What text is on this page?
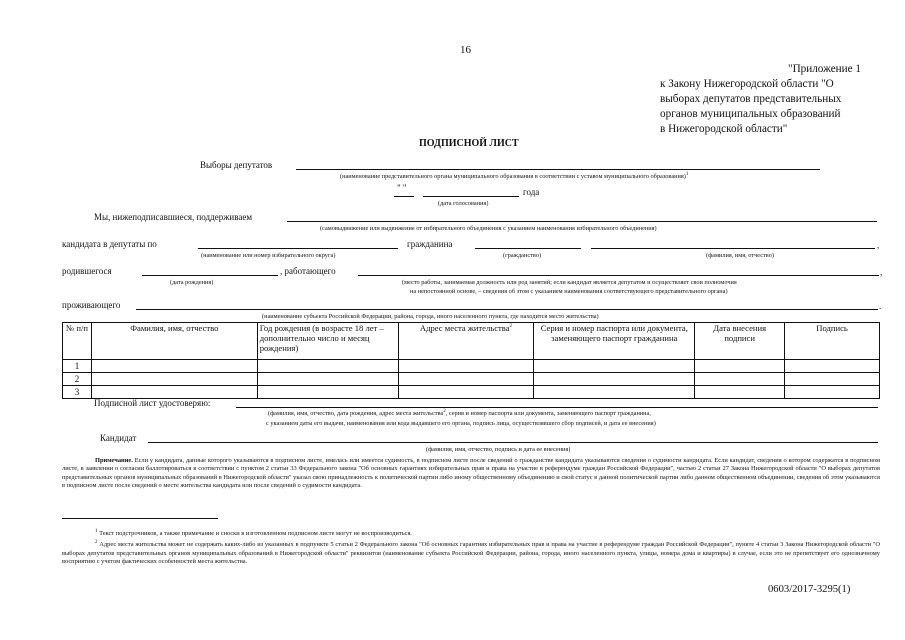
16
"Приложение 1
к Закону Нижегородской области "О
выборах депутатов представительных
органов муниципальных образований
в Нижегородской области"
ПОДПИСНОЙ ЛИСТ
Выборы депутатов
(наименование представительного органа муниципального образования в соответствии с уставом муниципального образования)$^1$
" "	года
(дата голосования)
Мы, нижеподписавшиеся, поддерживаем
(самовыдвижение или выдвижение от избирательного объединения с указанием наименования избирательного объединения)
кандидата в депутаты по	гражданина	,
(наименование или номер избирательного округа)	(гражданство)	(фамилия, имя, отчество)
родившегося	, работающего	,
(дата рождения)	(место работы, занимаемая должность или род занятий; если кандидат является депутатом и осуществляет свои полномочия
на непостоянной основе, – сведения об этом с указанием наименования соответствующего представительного органа)
проживающего	.
(наименование субъекта Российской Федерации, района, города, иного населенного пункта, где находится место жительства)
№ п/п	Фамилия, имя, отчество	Год рождения (в возрасте 18 лет – дополнительно число и месяц рождения)	Адрес места жительства$^2$	Серия и номер паспорта или документа, заменяющего паспорт гражданина	Дата внесения подписи	Подпись
1						
2						
3						
Подписной лист удостоверяю:
(фамилия, имя, отчество, дата рождения, адрес места жительства$^2$, серия и номер паспорта или документа, заменяющего паспорт гражданина,
с указанием даты его выдачи, наименования или кода выдавшего его органа, подпись лица, осуществлявшего сбор подписей, и дата ее внесения)
Кандидат
(фамилия, имя, отчество, подпись и дата ее внесения)
Примечание. Если у кандидата, данные которого указываются в подписном листе, имелась или имеется судимость, в подписном листе после сведений о гражданстве кандидата указываются сведения о судимости кандидата. Если кандидат, сведения о котором содержатся в подписном листе, в заявлении о согласии баллотироваться в соответствии с пунктом 2 статьи 33 Федерального закона "Об основных гарантиях избирательных прав и права на участие в референдуме граждан Российской Федерации", частью 2 статьи 27 Закона Нижегородской области "О выборах депутатов представительных органов муниципальных образований в Нижегородской области" указал свою принадлежность к политической партии либо иному общественному объединению и свой статус в данной политической партии либо данном общественном объединении, сведения об этом указываются в подписном листе после сведений о месте жительства кандидата или после сведений о судимости кандидата.
$^1$ Текст подстрочников, а также примечание и сноски в изготовленном подписном листе могут не воспроизводиться.
$^2$ Адрес места жительства может не содержать каких-либо из указанных в подпункте 5 статьи 2 Федерального закона "Об основных гарантиях избирательных прав и права на участие в референдуме граждан Российской Федерации", пункте 4 статьи 3 Закона Нижегородской области "О выборах депутатов представительных органов муниципальных образований в Нижегородской области" реквизитов (наименование субъекта Российской Федерации, района, города, иного населенного пункта, улицы, номера дома и квартиры) в случае, если это не препятствует его однозначному восприятию с учетом фактических особенностей места жительства.
0603/2017-3295(1)
